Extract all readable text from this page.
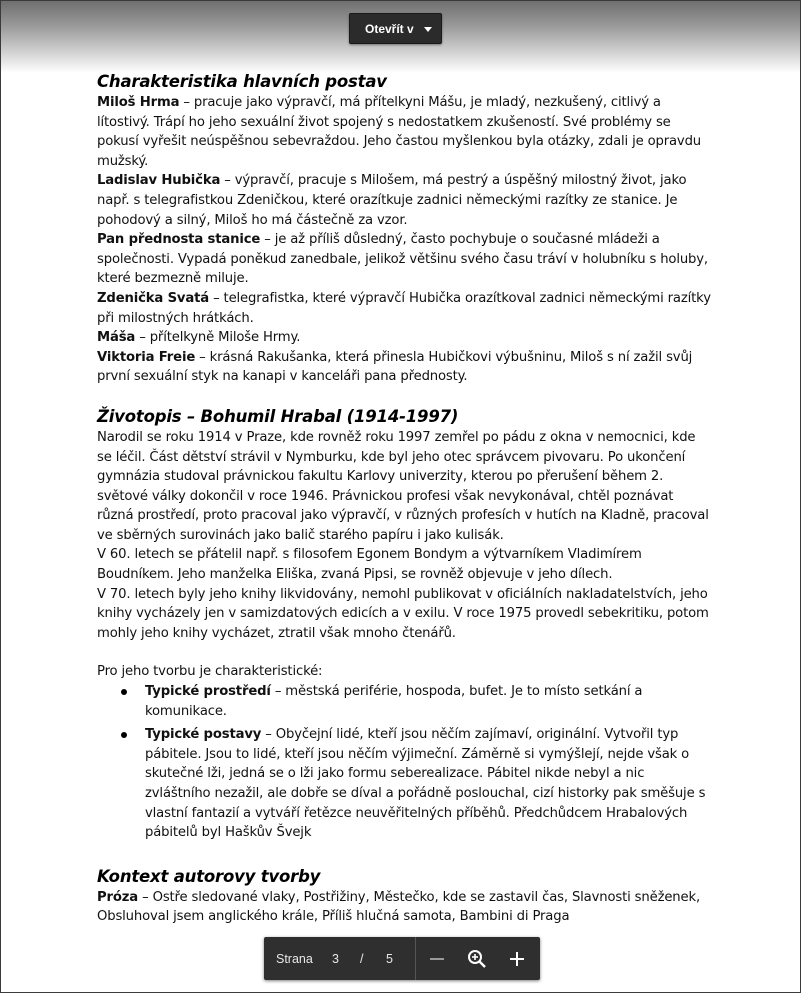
Otevřít v
Charakteristika hlavních postav

Miloš Hrma – pracuje jako výpravčí, má přítelkyni Mášu, je mladý, nezkušený, citlivý a lítostivý. Trápí ho jeho sexuální život spojený s nedostatkem zkušeností. Své problémy se pokusí vyřešit neúspěšnou sebevraždou. Jeho častou myšlenkou byla otázky, zdali je opravdu mužský.

Ladislav Hubička – výpravčí, pracuje s Milošem, má pestrý a úspěšný milostný život, jako např. s telegrafistkou Zdeničkou, které orazítkuje zadnici německými razítky ze stanice. Je pohodový a silný, Miloš ho má částečně za vzor.

Pan přednosta stanice – je až příliš důsledný, často pochybuje o současné mládeži a společnosti. Vypadá poněkud zanedbale, jelikož většinu svého času tráví v holubníku s holuby, které bezmezně miluje.

Zdenička Svatá – telegrafistka, které výpravčí Hubička orazítkoval zadnici německými razítky při milostných hrátkách.

Máša – přítelkyně Miloše Hrmy.

Viktoria Freie – krásná Rakušanka, která přinesla Hubičkovi výbušninu, Miloš s ní zažil svůj první sexuální styk na kanapi v kanceláři pana přednosty.

Životopis – Bohumil Hrabal (1914-1997)

Narodil se roku 1914 v Praze, kde rovněž roku 1997 zemřel po pádu z okna v nemocnici, kde se léčil. Část dětství strávil v Nymburku, kde byl jeho otec správcem pivovaru. Po ukončení gymnázia studoval právnickou fakultu Karlovy univerzity, kterou po přerušení během 2. světové války dokončil v roce 1946. Právnickou profesi však nevykonával, chtěl poznávat různá prostředí, proto pracoval jako výpravčí, v různých profesích v hutích na Kladně, pracoval ve sběrných surovinách jako balič starého papíru i jako kulisák.

V 60. letech se přátelil např. s filosofem Egonem Bondym a výtvarníkem Vladimírem Boudníkem. Jeho manželka Eliška, zvaná Pipsi, se rovněž objevuje v jeho dílech.

V 70. letech byly jeho knihy likvidovány, nemohl publikovat v oficiálních nakladatelstvích, jeho knihy vycházely jen v samizdatových edicích a v exilu. V roce 1975 provedl sebekritiku, potom mohly jeho knihy vycházet, ztratil však mnoho čtenářů.

Pro jeho tvorbu je charakteristické:

Typické prostředí – městská periférie, hospoda, bufet. Je to místo setkání a komunikace.
Typické postavy – Obyčejní lidé, kteří jsou něčím zajímaví, originální. Vytvořil typ pábitele. Jsou to lidé, kteří jsou něčím výjimeční. Záměrně si vymýšlejí, nejde však o skutečné lži, jedná se o lži jako formu seberealizace. Pábitel nikde nebyl a nic zvláštního nezažil, ale dobře se díval a pořádně poslouchal, cizí historky pak směšuje s vlastní fantazií a vytváří řetězce neuvěřitelných příběhů. Předchůdcem Hrabalových pábitelů byl Haškův Švejk
Kontext autorovy tvorby

Próza – Ostře sledované vlaky, Postřižiny, Městečko, kde se zastavil čas, Slavnosti sněženek, Obsluhoval jsem anglického krále, Příliš hlučná samota, Bambini di Praga

Strana 3 / 5
